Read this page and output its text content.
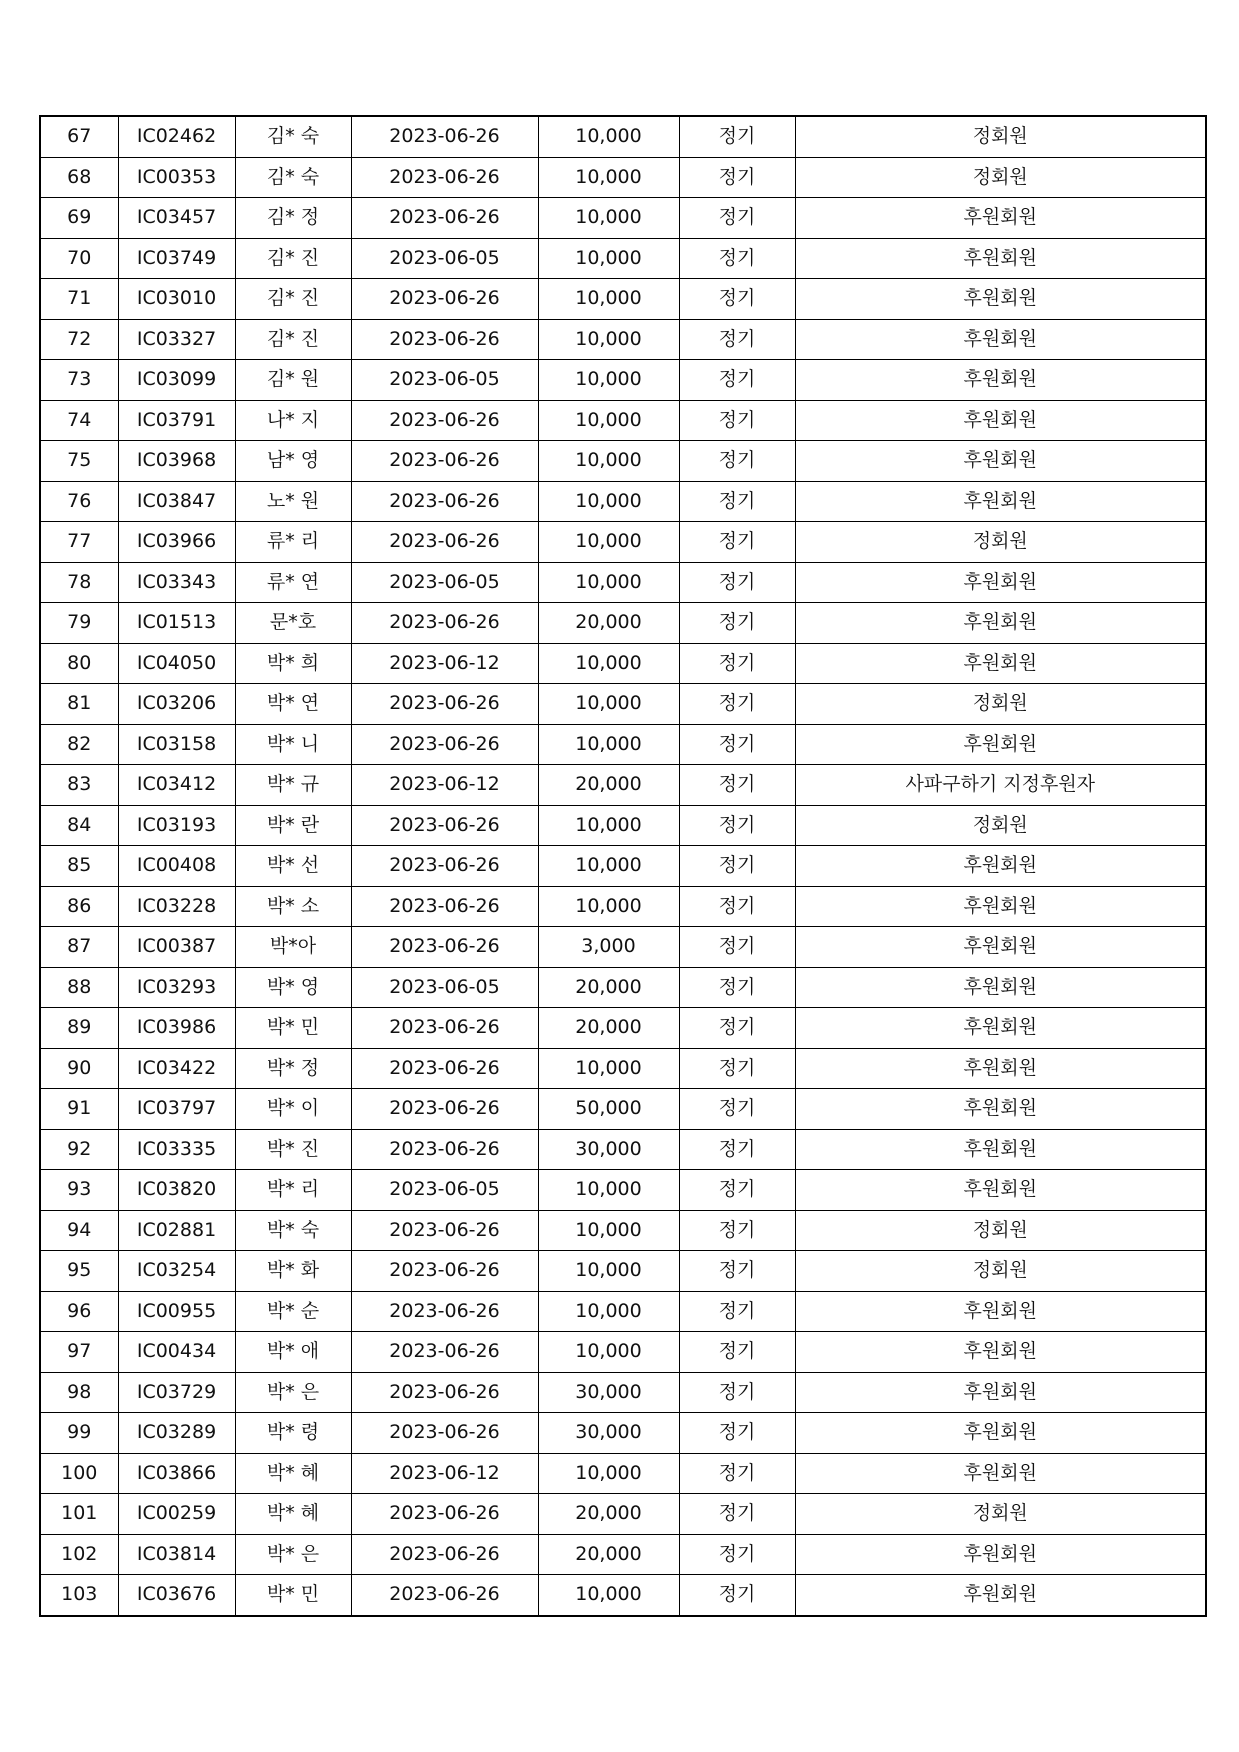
67	IC02462	김* 숙	2023-06-26	10,000	정기	정회원
68	IC00353	김* 숙	2023-06-26	10,000	정기	정회원
69	IC03457	김* 정	2023-06-26	10,000	정기	후원회원
70	IC03749	김* 진	2023-06-05	10,000	정기	후원회원
71	IC03010	김* 진	2023-06-26	10,000	정기	후원회원
72	IC03327	김* 진	2023-06-26	10,000	정기	후원회원
73	IC03099	김* 원	2023-06-05	10,000	정기	후원회원
74	IC03791	나* 지	2023-06-26	10,000	정기	후원회원
75	IC03968	남* 영	2023-06-26	10,000	정기	후원회원
76	IC03847	노* 원	2023-06-26	10,000	정기	후원회원
77	IC03966	류* 리	2023-06-26	10,000	정기	정회원
78	IC03343	류* 연	2023-06-05	10,000	정기	후원회원
79	IC01513	문*호	2023-06-26	20,000	정기	후원회원
80	IC04050	박* 희	2023-06-12	10,000	정기	후원회원
81	IC03206	박* 연	2023-06-26	10,000	정기	정회원
82	IC03158	박* 니	2023-06-26	10,000	정기	후원회원
83	IC03412	박* 규	2023-06-12	20,000	정기	사파구하기 지정후원자
84	IC03193	박* 란	2023-06-26	10,000	정기	정회원
85	IC00408	박* 선	2023-06-26	10,000	정기	후원회원
86	IC03228	박* 소	2023-06-26	10,000	정기	후원회원
87	IC00387	박*아	2023-06-26	3,000	정기	후원회원
88	IC03293	박* 영	2023-06-05	20,000	정기	후원회원
89	IC03986	박* 민	2023-06-26	20,000	정기	후원회원
90	IC03422	박* 정	2023-06-26	10,000	정기	후원회원
91	IC03797	박* 이	2023-06-26	50,000	정기	후원회원
92	IC03335	박* 진	2023-06-26	30,000	정기	후원회원
93	IC03820	박* 리	2023-06-05	10,000	정기	후원회원
94	IC02881	박* 숙	2023-06-26	10,000	정기	정회원
95	IC03254	박* 화	2023-06-26	10,000	정기	정회원
96	IC00955	박* 순	2023-06-26	10,000	정기	후원회원
97	IC00434	박* 애	2023-06-26	10,000	정기	후원회원
98	IC03729	박* 은	2023-06-26	30,000	정기	후원회원
99	IC03289	박* 령	2023-06-26	30,000	정기	후원회원
100	IC03866	박* 혜	2023-06-12	10,000	정기	후원회원
101	IC00259	박* 혜	2023-06-26	20,000	정기	정회원
102	IC03814	박* 은	2023-06-26	20,000	정기	후원회원
103	IC03676	박* 민	2023-06-26	10,000	정기	후원회원
